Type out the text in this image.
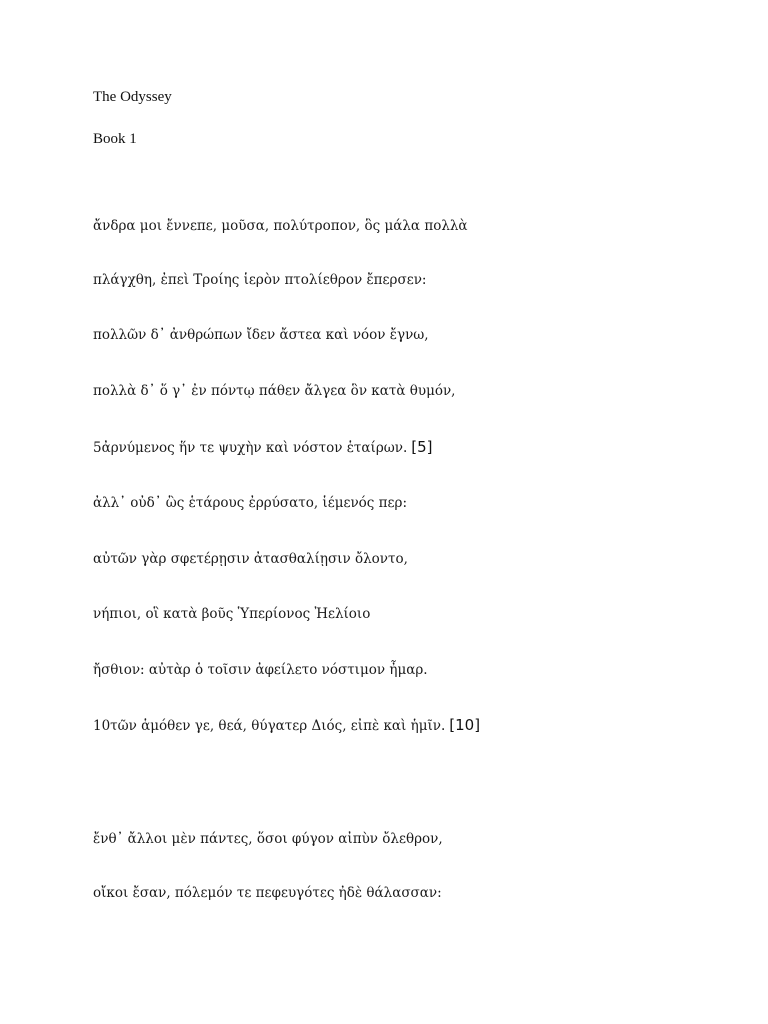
The Odyssey
Book 1
ἄνδρα μοι ἔννεπε, μοῦσα, πολύτροπον, ὃς μάλα πολλὰ
πλάγχθη, ἐπεὶ Τροίης ἱερὸν πτολίεθρον ἔπερσεν:
πολλῶν δ᾽ ἀνθρώπων ἴδεν ἄστεα καὶ νόον ἔγνω,
πολλὰ δ᾽ ὅ γ᾽ ἐν πόντῳ πάθεν ἄλγεα ὃν κατὰ θυμόν,
5ἀρνύμενος ἥν τε ψυχὴν καὶ νόστον ἑταίρων. [5]
ἀλλ᾽ οὐδ᾽ ὣς ἑτάρους ἐρρύσατο, ἱέμενός περ:
αὐτῶν γὰρ σφετέρῃσιν ἀτασθαλίῃσιν ὄλοντο,
νήπιοι, οἳ κατὰ βοῦς Ὑπερίονος Ἠελίοιο
ἤσθιον: αὐτὰρ ὁ τοῖσιν ἀφείλετο νόστιμον ἦμαρ.
10τῶν ἁμόθεν γε, θεά, θύγατερ Διός, εἰπὲ καὶ ἡμῖν. [10]
ἔνθ᾽ ἄλλοι μὲν πάντες, ὅσοι φύγον αἰπὺν ὄλεθρον,
οἴκοι ἔσαν, πόλεμόν τε πεφευγότες ἠδὲ θάλασσαν:
